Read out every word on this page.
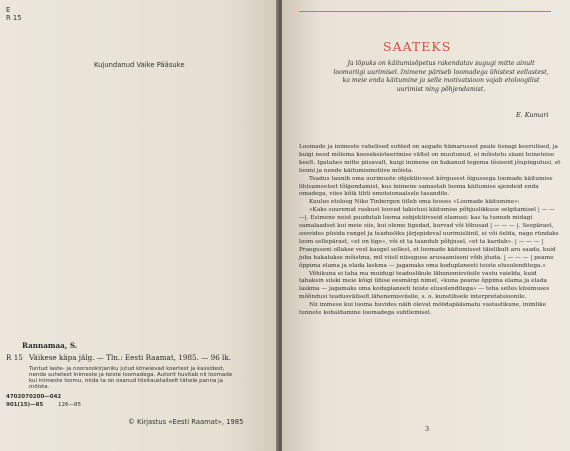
E
R 15
Kujundanud Vaike Pääsuke
Rannamaa, S.
R 15 Väikese käpa jälg. — Tln.: Eesti Raamat, 1985. — 96 lk.
Tuntud laste- ja noorsookirjaniku jutud kõnelevad koertest ja kassidest,
nende suhetest inimeste ja teiste loomadega. Autorit huvitab nii loomade
kui inimeste loomu, mida ta on osanud tõsitaustaliselt tähele panna ja
mõista.
4702070200—042
901(15)—85	126—85
© Kirjastus «Eesti Raamat», 1985
SAATEKS
Ja lõpuks on käitumisõpetus rakendatav sugugi mitte ainult loomariigi uurimisel. Inimene päriseb loomadega ühistest eellastest, ka meie enda käitumine ja selle motivatsioon vajab etoloogilist uurimist ning põhjendamist.
E. Kumari

Loomade ja inimeste vahelised suhted on aegade hämarusest peale üsnagi keerulised, ja kuigi need mõlema kooseksisteerimise vältel on muutunud, ei mõistetu siiani teineteise keelt. Igatahes mitte piisavalt, kuigi inimene on hakanud tegema tõsiseid jõupingutusi, et loomi ja nende käitumismotiive mõista.

Teadus taunib oma uurimuste objektiivsest kõrgusest õigussega loomade käitumise lihtsameelset tõlgendamist, kus inimene samastab looma käitumise ajendeid enda omadega, viies kõik tihti emotsionaalsele tasandile.

Kuulus etoloog Niko Tinbergen ütleb oma teoses «Loomade käitumine»:

«Kaks suuremat raskust loovad takistusi käitumise põhjuslikkuse selgitamisel | — — —|. Esimene neist puudutab looma subjektiivseid elamusi: kas ta tunneb midagi samalaadset kui meie siis, kui oleme tigedad, kurvad või lõbusad | — — — |. Seepärast, soovides püsida rangel ja teadusliku järjepideval uurimisliinil, ei või öelda, nagu ründaks loom sellepärast, «et on tige», või et ta taandub põhjusel, «et ta kardab». | — — — | Praeguseni ollakse veel kaugel sellest, et loomade käitumisest täielikult aru saada, kuid juba hakatakse mõistma, mil viisil niisuguse arusaamiseni võib jõuda. | — — — | peame õppima elama ja elada laskma — jagamaks oma koduplaneeti teiste elusolenditega.»

Võhikuna ei taha ma muidugi teaduslikule lähenemisviisile vastu vaielda, kuid tahaksin siiski meie kõigi ühise eesmärgi nimel, «kuna peame õppima elama ja elada laskma — jagamaks oma koduplaneeti teiste elusolenditega» — teha selles küsimuses mõõndusi teadusväliselt lähenemisviisile, s. o. kunstilisele interpretatsioonile.

Nii inimese kui looma huvides näib olevat möödapääsmatu vastastikune, inimlike tunnete kohaldamine loomadega suhtlemisel.

3
